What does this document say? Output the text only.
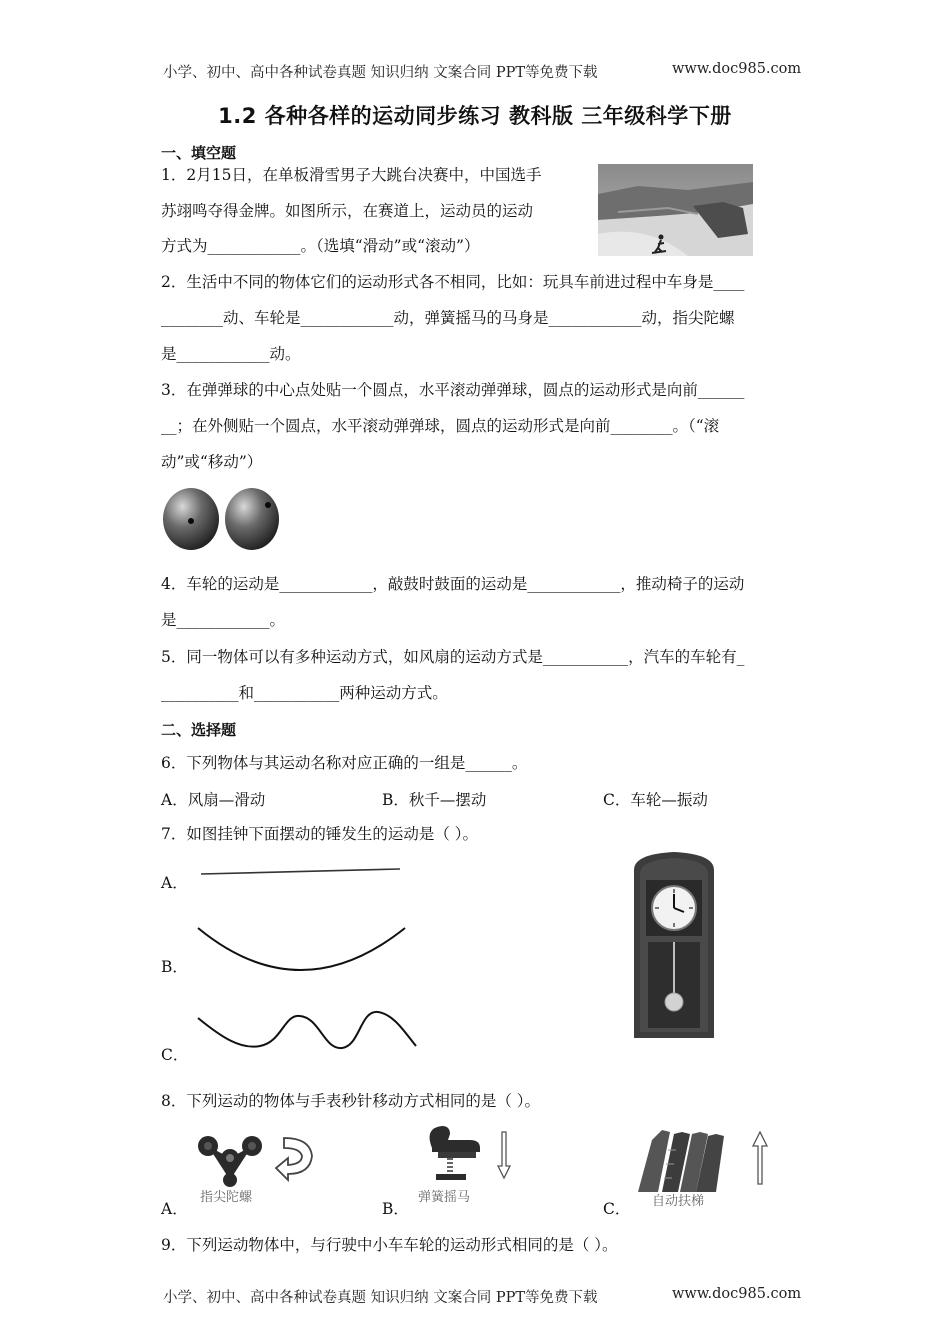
小学、初中、高中各种试卷真题 知识归纳 文案合同 PPT等免费下载	www.doc985.com
1.2 各种各样的运动同步练习 教科版 三年级科学下册
一、填空题
1．2月15日，在单板滑雪男子大跳台决赛中，中国选手
苏翊鸣夺得金牌。如图所示，在赛道上，运动员的运动
方式为____________。（选填“滑动”或“滚动”）
2．生活中不同的物体它们的运动形式各不相同，比如：玩具车前进过程中车身是____
________动、车轮是____________动，弹簧摇马的马身是____________动，指尖陀螺
是____________动。
3．在弹弹球的中心点处贴一个圆点，水平滚动弹弹球，圆点的运动形式是向前______
__；在外侧贴一个圆点，水平滚动弹弹球，圆点的运动形式是向前________。（“滚
动”或“移动”）
4．车轮的运动是____________，敲鼓时鼓面的运动是____________，推动椅子的运动
是____________。
5．同一物体可以有多种运动方式，如风扇的运动方式是___________，汽车的车轮有_
__________和___________两种运动方式。
二、选择题
6．下列物体与其运动名称对应正确的一组是______。
A．风扇—滑动	B．秋千—摆动	C．车轮—振动
7．如图挂钟下面摆动的锤发生的运动是（ ）。
A．
B．
C．
8．下列运动的物体与手表秒针移动方式相同的是（ ）。
A．
指尖陀螺
B．
弹簧摇马
C． 自动扶梯
9．下列运动物体中，与行驶中小车车轮的运动形式相同的是（ ）。
小学、初中、高中各种试卷真题 知识归纳 文案合同 PPT等免费下载	www.doc985.com
